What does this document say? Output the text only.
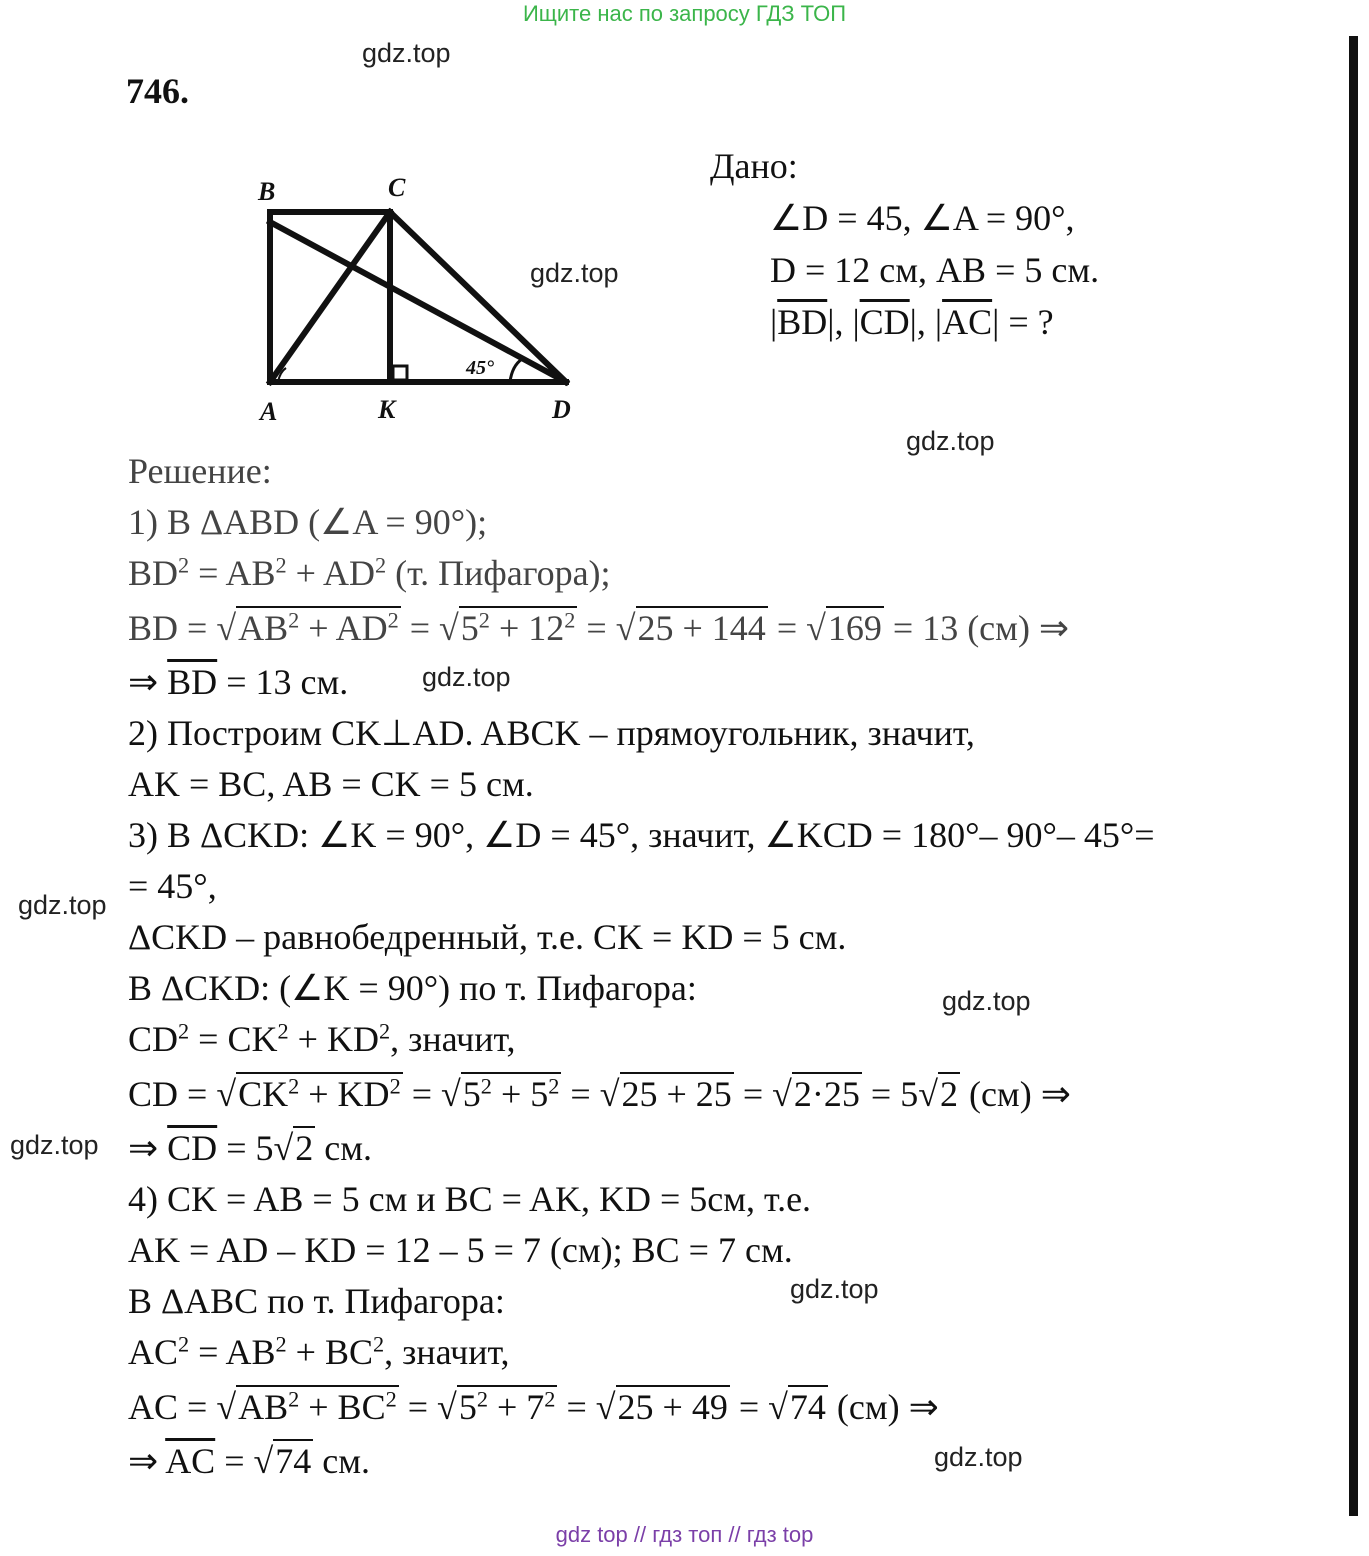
Ищите нас по запросу ГДЗ ТОП
gdz.top
gdz.top
gdz.top
gdz.top
gdz.top
gdz.top
gdz.top
gdz.top
gdz.top
746.
B	C
A	K	D
45°
Дано:
∠D = 45, ∠A = 90°,
D = 12 см, AB = 5 см.
$|\overline{BD}|$, $|\overline{CD}|$, $|\overline{AC}|$ = ?
Решение:
1) В ΔABD (∠A = 90°);
$BD^2 = AB^2 + AD^2$ (т. Пифагора);
BD = $√AB^2 + AD^2 = √5^2 + 12^2 = √25 + 144 = √169 = 13$ (см) ⇒
⇒ $\overline{BD} = 13$ см.
2) Построим CK⊥AD. ABCK – прямоугольник, значит,
AK = BC, AB = CK = 5 см.
3) В ΔCKD: ∠K = 90°, ∠D = 45°, значит, ∠KCD = 180°– 90°– 45°=
= 45°,
ΔCKD – равнобедренный, т.е. CK = KD = 5 см.
В ΔCKD: (∠K = 90°) по т. Пифагора:
$CD^2 = CK^2 + KD^2$, значит,
CD = $√CK^2 + KD^2 = √5^2 + 5^2 = √25 + 25 = √2\cdot 25 = 5√2$ (см) ⇒
⇒ $\overline{CD} = 5√2$ см.
4) CK = AB = 5 см и BC = AK, KD = 5см, т.е.
AK = AD – KD = 12 – 5 = 7 (см); BC = 7 см.
В ΔABC по т. Пифагора:
$AC^2 = AB^2 + BC^2$, значит,
AC = $√AB^2 + BC^2 = √5^2 + 7^2 = √25 + 49 = √74$ (см) ⇒
⇒ $\overline{AC} = √74$ см.
gdz top // гдз топ // гдз top
